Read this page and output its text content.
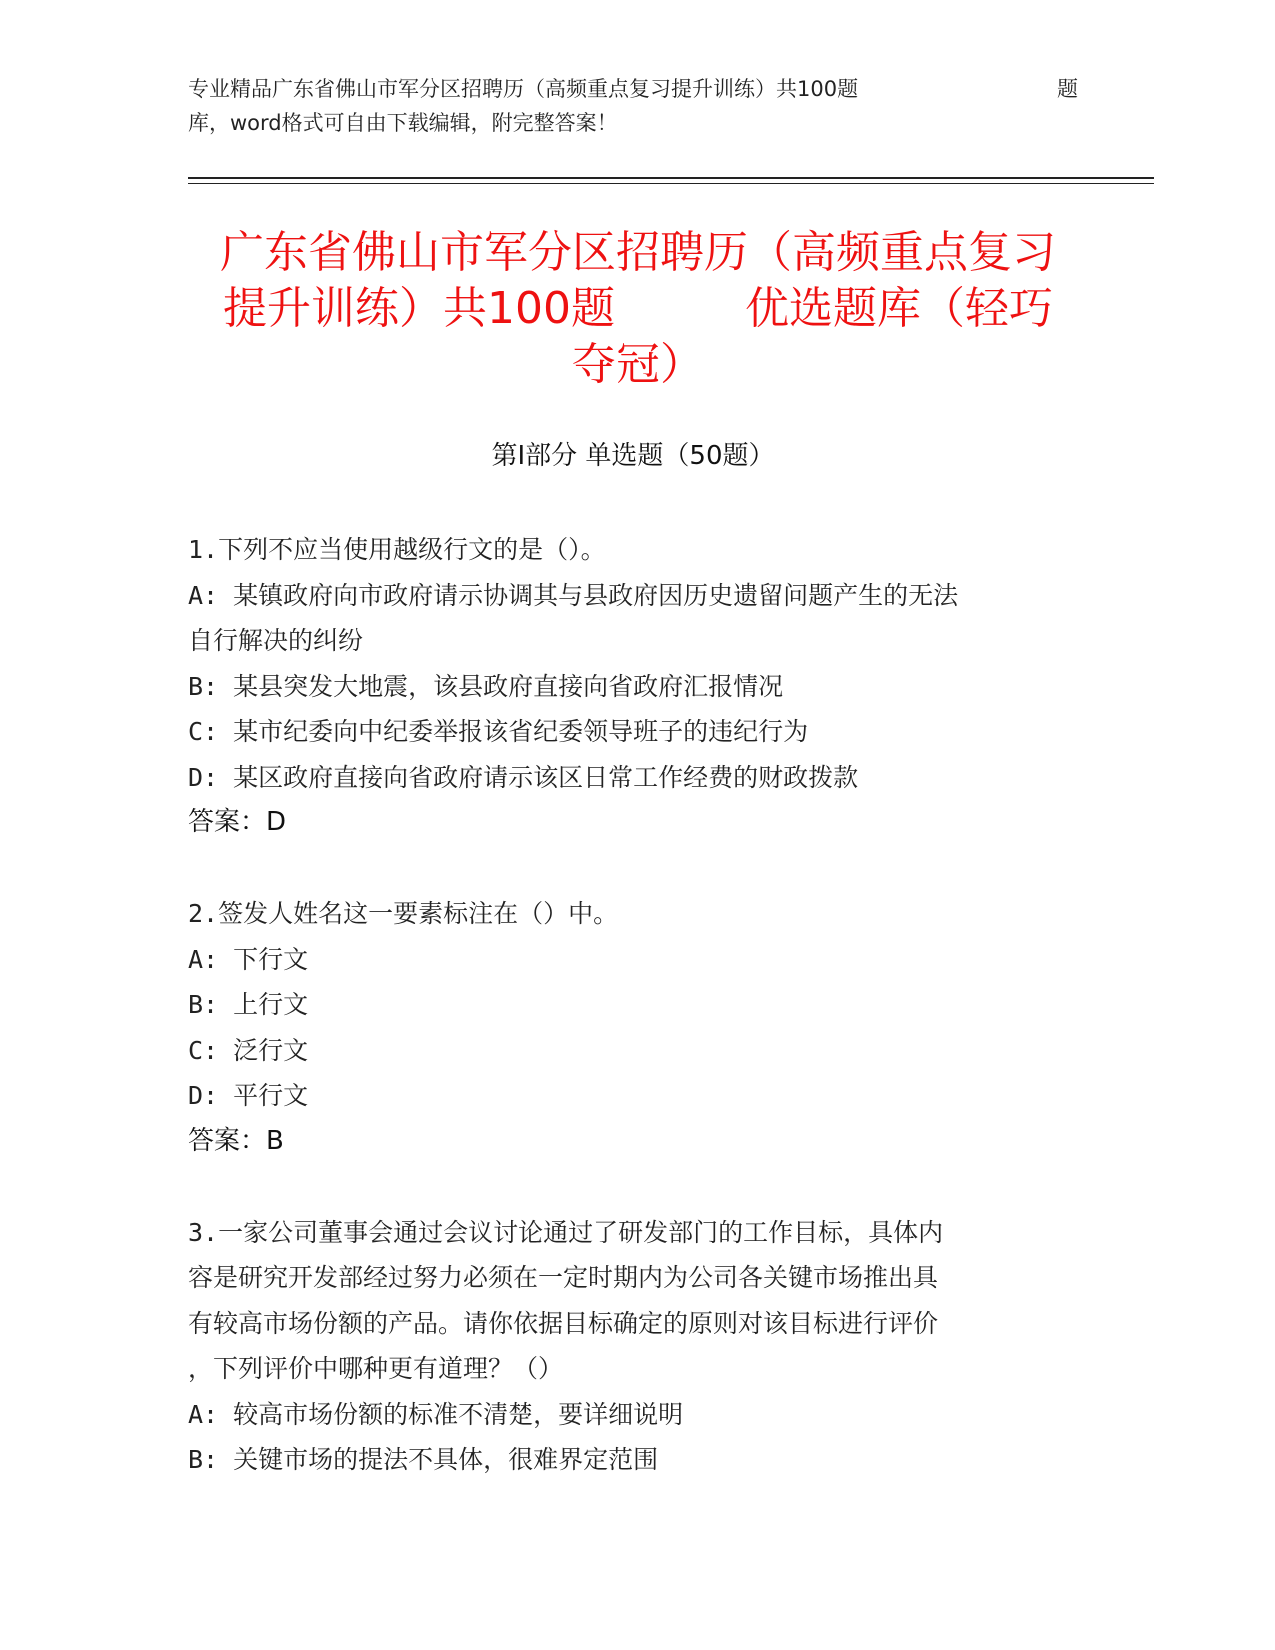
专业精品广东省佛山市军分区招聘历（高频重点复习提升训练）共100题	题
库，word格式可自由下载编辑，附完整答案！
广东省佛山市军分区招聘历（高频重点复习
提升训练）共100题	优选题库（轻巧
夺冠）
第Ⅰ部分 单选题（50题）
1.下列不应当使用越级行文的是（）。
A: 某镇政府向市政府请示协调其与县政府因历史遗留问题产生的无法
自行解决的纠纷
B: 某县突发大地震，该县政府直接向省政府汇报情况
C: 某市纪委向中纪委举报该省纪委领导班子的违纪行为
D: 某区政府直接向省政府请示该区日常工作经费的财政拨款
答案：D
2.签发人姓名这一要素标注在（）中。
A: 下行文
B: 上行文
C: 泛行文
D: 平行文
答案：B
3.一家公司董事会通过会议讨论通过了研发部门的工作目标，具体内
容是研究开发部经过努力必须在一定时期内为公司各关键市场推出具
有较高市场份额的产品。请你依据目标确定的原则对该目标进行评价
，下列评价中哪种更有道理？（）
A: 较高市场份额的标准不清楚，要详细说明
B: 关键市场的提法不具体，很难界定范围
